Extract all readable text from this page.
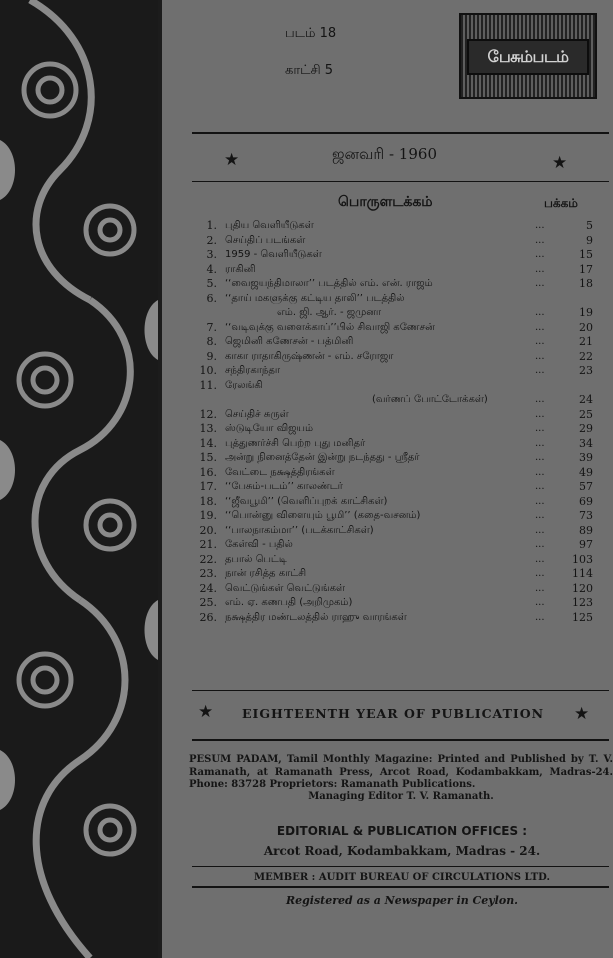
படம் 18
காட்சி 5
பேசும்படம்
★	ஜனவரி - 1960	★
பொருளடக்கம்	பக்கம்
1. புதிய வெளியீடுகள்	...	5
2. செய்திப் படங்கள்	...	9
3. 1959 - வெளியீடுகள்	...	15
4. ராகினி	...	17
5. ‘‘வைஜயந்திமாலா’’ படத்தில் எம். என். ராஜம்	...	18
6. ‘‘தாய் மகளுக்கு கட்டிய தாலி’’ படத்தில்
எம். ஜி. ஆர். - ஜமுனா	...	19
7. ‘‘வடிவுக்கு வளைக்காப்’’பில் சிவாஜி கணேசன்	...	20
8. ஜெமினி கணேசன் - பத்மினி	...	21
9. காகா ராதாகிருஷ்ணன் - எம். சரோஜா	...	22
10. சந்திரகாந்தா	...	23
11. ரேலங்கி
(வர்ணப் போட்டோக்கள்)	...	24
12. செய்திச் சுருள்	...	25
13. ஸ்டுடியோ விஜயம்	...	29
14. புத்துணர்ச்சி பெற்ற புது மனிதர்	...	34
15. அன்று நினைத்தேன் இன்று நடந்தது - ஸ்ரீதர்	...	39
16. வேட்டை நக்ஷத்திரங்கள்	...	49
17. ‘‘பேசும்-படம்’’ காலண்டர்	...	57
18. ‘‘ஜீவபூமி’’ (வெளிப்புறக் காட்சிகள்)	...	69
19. ‘‘பொன்னு விளையும் பூமி’’ (கதை-வசனம்)	...	73
20. ‘‘பாலநாகம்மா’’ (படக்காட்சிகள்)	...	89
21. கேள்வி - பதில்	...	97
22. தபால் பெட்டி	... 103
23. நான் ரசித்த காட்சி	... 114
24. வெட்டுங்கள் வெட்டுங்கள்	... 120
25. எம். ஏ. கணபதி (அறிமுகம்)	... 123
26. நக்ஷத்திர மண்டலத்தில் ராஹு வாரங்கள்	... 125
★ EIGHTEENTH YEAR OF PUBLICATION ★
PESUM PADAM, Tamil Monthly Magazine: Printed and Published by T. V. Ramanath, at Ramanath Press, Arcot Road, Kodambakkam, Madras-24. Phone: 83728 Proprietors: Ramanath Publications.
Managing Editor T. V. Ramanath.
EDITORIAL & PUBLICATION OFFICES :
Arcot Road, Kodambakkam, Madras - 24.
MEMBER : AUDIT BUREAU OF CIRCULATIONS LTD.
Registered as a Newspaper in Ceylon.
